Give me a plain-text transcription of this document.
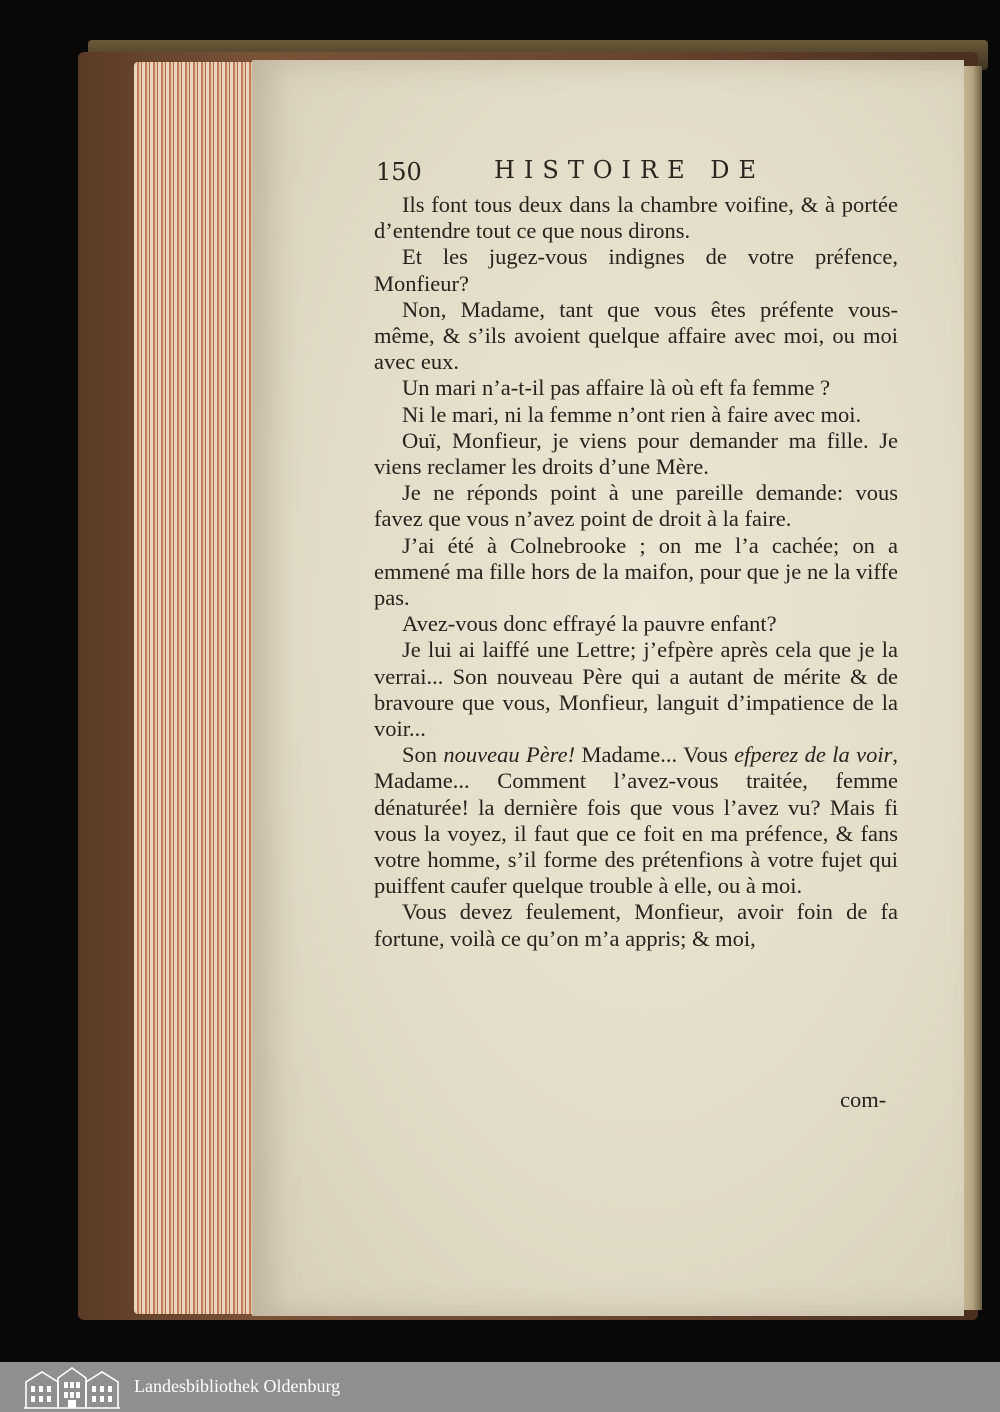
150	HISTOIRE DE

Ils font tous deux dans la chambre voifine, & à portée d’entendre tout ce que nous dirons.

Et les jugez-vous indignes de votre préfence, Monfieur?

Non, Madame, tant que vous êtes préfente vous-même, & s’ils avoient quelque affaire avec moi, ou moi avec eux.

Un mari n’a-t-il pas affaire là où eft fa femme ?

Ni le mari, ni la femme n’ont rien à faire avec moi.

Ouï, Monfieur, je viens pour demander ma fille. Je viens reclamer les droits d’une Mère.

Je ne réponds point à une pareille demande: vous favez que vous n’avez point de droit à la faire.

J’ai été à Colnebrooke ; on me l’a cachée; on a emmené ma fille hors de la maifon, pour que je ne la viffe pas.

Avez-vous donc effrayé la pauvre enfant?

Je lui ai laiffé une Lettre; j’efpère après cela que je la verrai... Son nouveau Père qui a autant de mérite & de bravoure que vous, Monfieur, languit d’impatience de la voir...

Son nouveau Père! Madame... Vous efperez de la voir, Madame... Comment l’avez-vous traitée, femme dénaturée! la dernière fois que vous l’avez vu? Mais fi vous la voyez, il faut que ce foit en ma préfence, & fans votre homme, s’il forme des prétenfions à votre fujet qui puiffent caufer quelque trouble à elle, ou à moi.

Vous devez feulement, Monfieur, avoir foin de fa fortune, voilà ce qu’on m’a appris; & moi,

com-
Landesbibliothek Oldenburg
